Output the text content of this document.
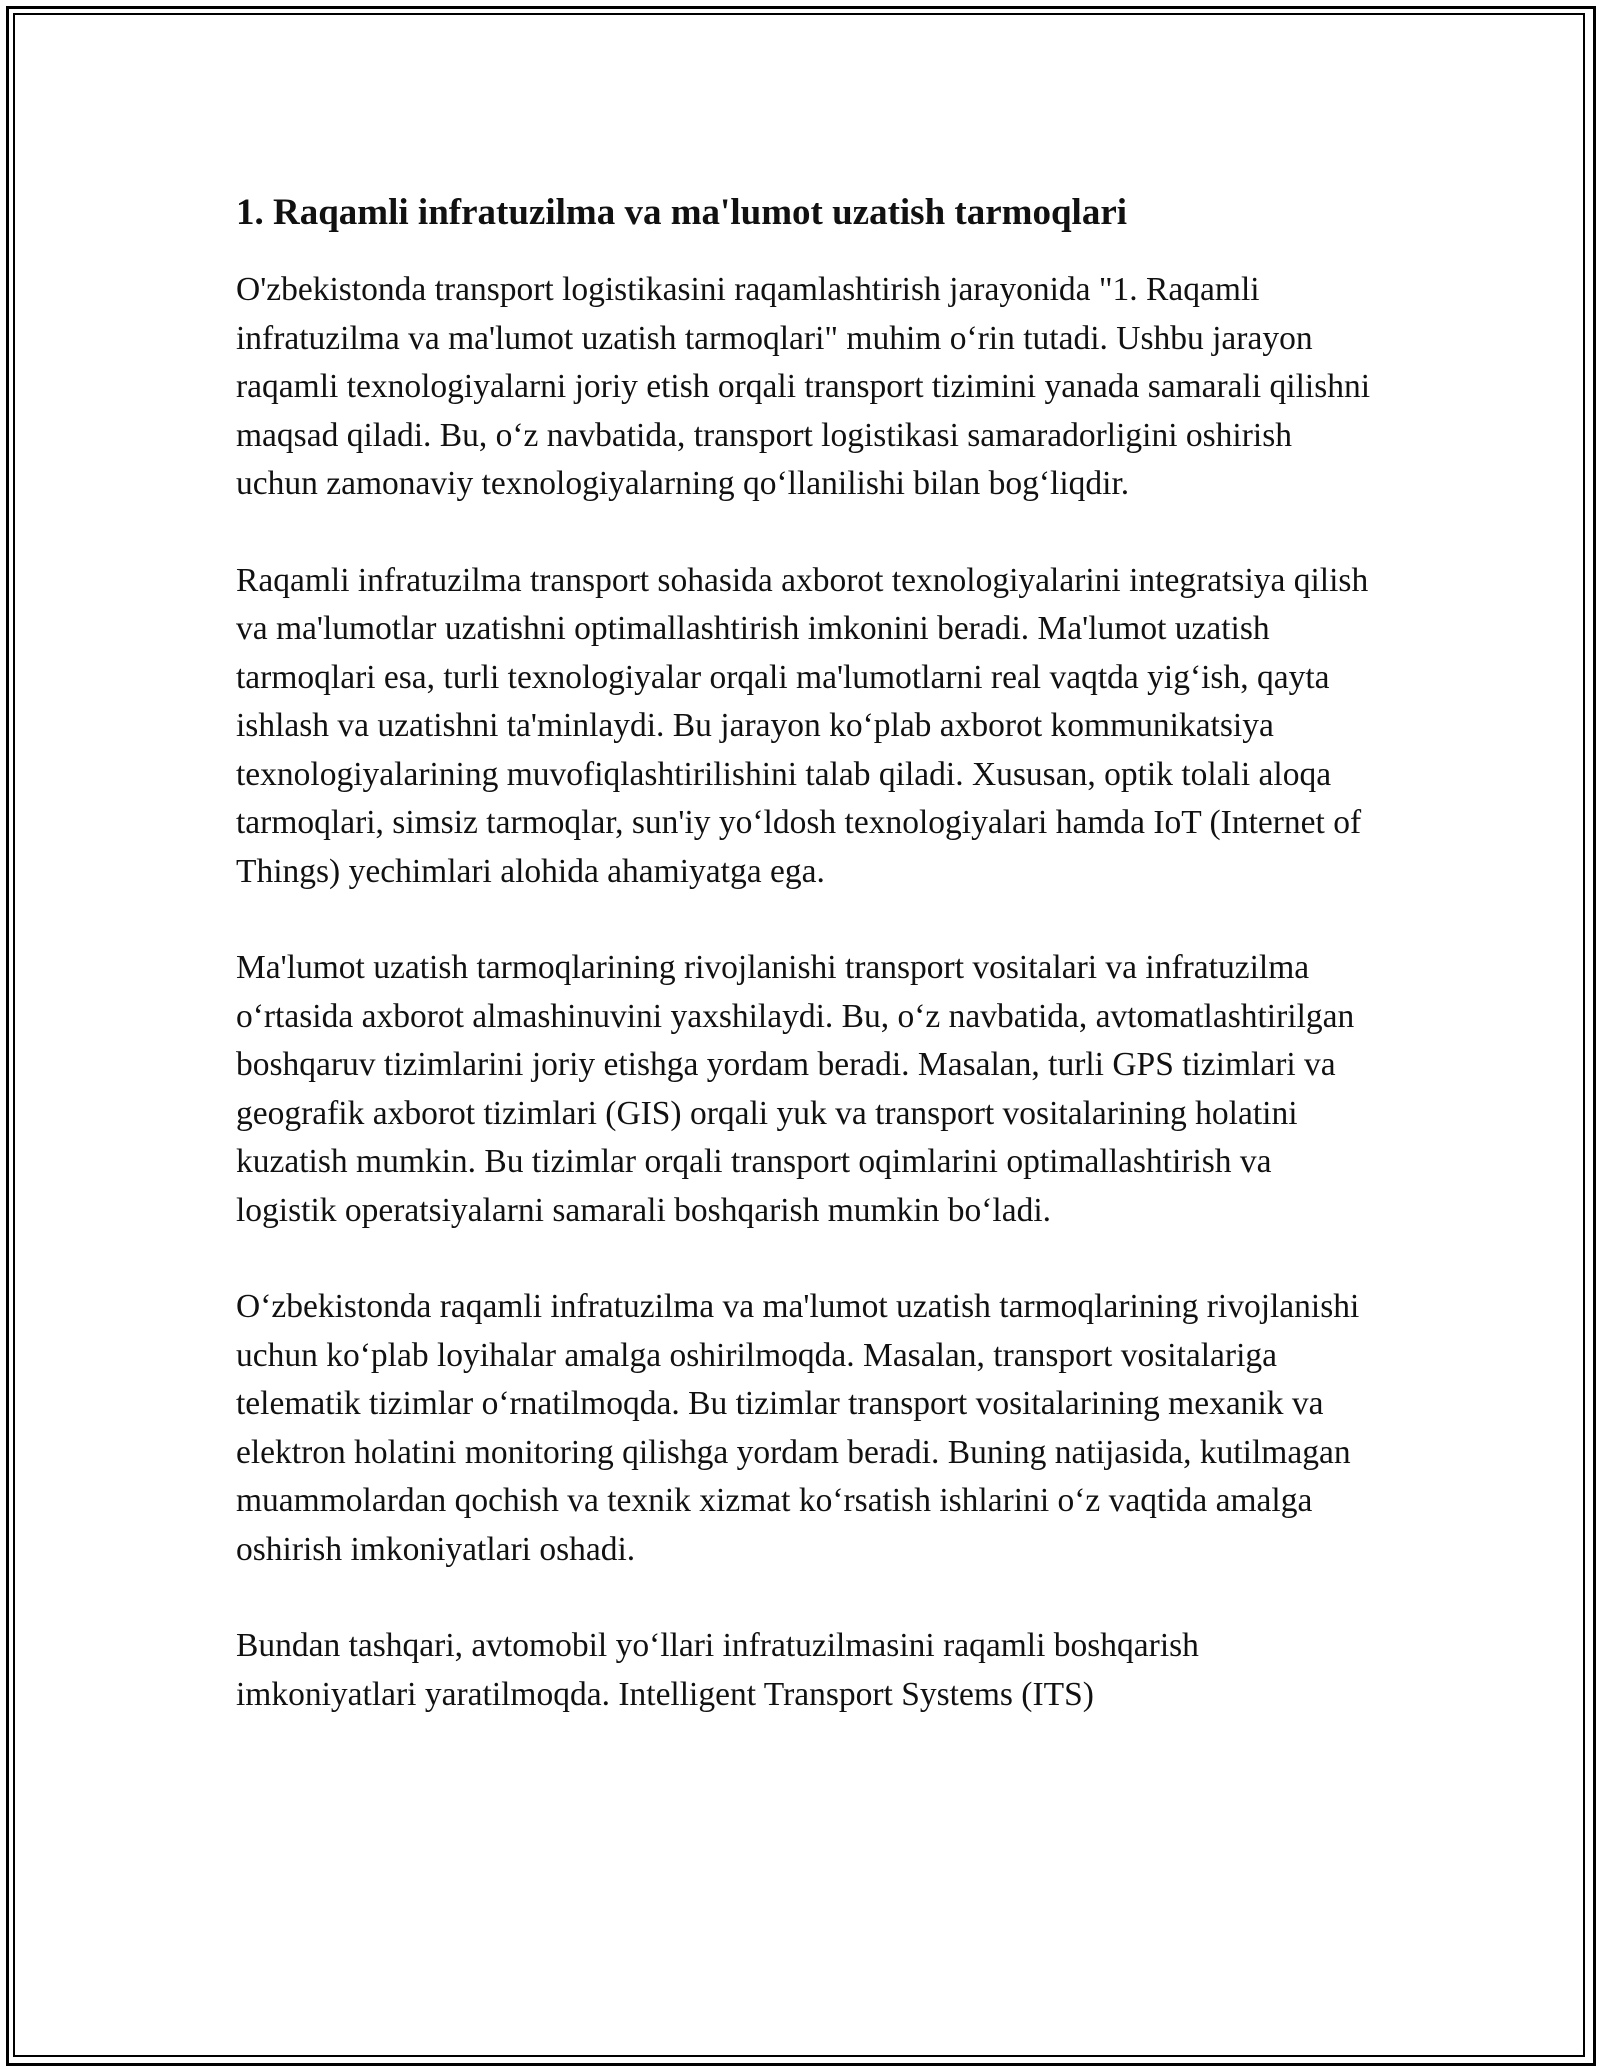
1. Raqamli infratuzilma va ma'lumot uzatish tarmoqlari

O'zbekistonda transport logistikasini raqamlashtirish jarayonida "1. Raqamli infratuzilma va ma'lumot uzatish tarmoqlari" muhim o‘rin tutadi. Ushbu jarayon raqamli texnologiyalarni joriy etish orqali transport tizimini yanada samarali qilishni maqsad qiladi. Bu, o‘z navbatida, transport logistikasi samaradorligini oshirish uchun zamonaviy texnologiyalarning qo‘llanilishi bilan bog‘liqdir.

Raqamli infratuzilma transport sohasida axborot texnologiyalarini integratsiya qilish va ma'lumotlar uzatishni optimallashtirish imkonini beradi. Ma'lumot uzatish tarmoqlari esa, turli texnologiyalar orqali ma'lumotlarni real vaqtda yig‘ish, qayta ishlash va uzatishni ta'minlaydi. Bu jarayon ko‘plab axborot kommunikatsiya texnologiyalarining muvofiqlashtirilishini talab qiladi. Xususan, optik tolali aloqa tarmoqlari, simsiz tarmoqlar, sun'iy yo‘ldosh texnologiyalari hamda IoT (Internet of Things) yechimlari alohida ahamiyatga ega.

Ma'lumot uzatish tarmoqlarining rivojlanishi transport vositalari va infratuzilma o‘rtasida axborot almashinuvini yaxshilaydi. Bu, o‘z navbatida, avtomatlashtirilgan boshqaruv tizimlarini joriy etishga yordam beradi. Masalan, turli GPS tizimlari va geografik axborot tizimlari (GIS) orqali yuk va transport vositalarining holatini kuzatish mumkin. Bu tizimlar orqali transport oqimlarini optimallashtirish va logistik operatsiyalarni samarali boshqarish mumkin bo‘ladi.

O‘zbekistonda raqamli infratuzilma va ma'lumot uzatish tarmoqlarining rivojlanishi uchun ko‘plab loyihalar amalga oshirilmoqda. Masalan, transport vositalariga telematik tizimlar o‘rnatilmoqda. Bu tizimlar transport vositalarining mexanik va elektron holatini monitoring qilishga yordam beradi. Buning natijasida, kutilmagan muammolardan qochish va texnik xizmat ko‘rsatish ishlarini o‘z vaqtida amalga oshirish imkoniyatlari oshadi.

Bundan tashqari, avtomobil yo‘llari infratuzilmasini raqamli boshqarish imkoniyatlari yaratilmoqda. Intelligent Transport Systems (ITS)
